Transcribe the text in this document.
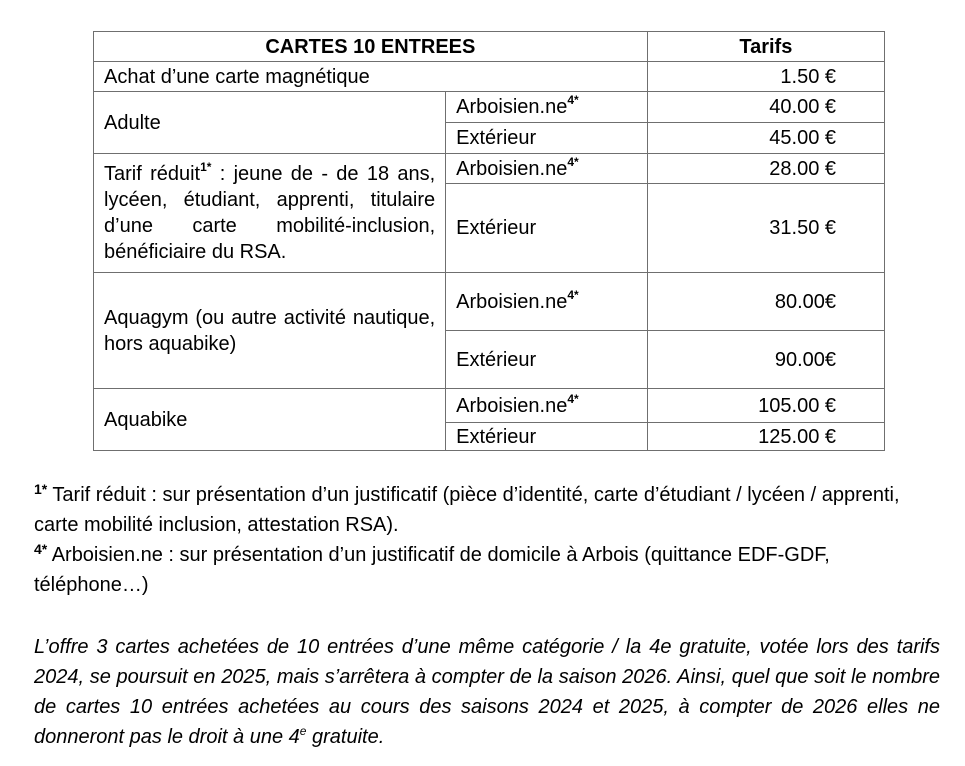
CARTES 10 ENTREES		Tarifs
Achat d’une carte magnétique		1.50 €
Adulte	$Arboisien.ne^{4*}$	40.00 €
	Extérieur	45.00 €
Tarif réduit$^{1*}$ : jeune de - de 18 ans, lycéen, étudiant, apprenti, titulaire d’une carte mobilité-inclusion, bénéficiaire du RSA.	$Arboisien.ne^{4*}$	28.00 €
	Extérieur	31.50 €
Aquagym (ou autre activité nautique, hors aquabike)	$Arboisien.ne^{4*}$	80.00€
	Extérieur	90.00€
Aquabike	$Arboisien.ne^{4*}$	105.00 €
	Extérieur	125.00 €

$^{1*}$ Tarif réduit : sur présentation d’un justificatif (pièce d’identité, carte d’étudiant / lycéen / apprenti, carte mobilité inclusion, attestation RSA).

$^{4*}$ Arboisien.ne : sur présentation d’un justificatif de domicile à Arbois (quittance EDF-GDF, téléphone…)

L’offre 3 cartes achetées de 10 entrées d’une même catégorie / la 4e gratuite, votée lors des tarifs 2024, se poursuit en 2025, mais s’arrêtera à compter de la saison 2026. Ainsi, quel que soit le nombre de cartes 10 entrées achetées au cours des saisons 2024 et 2025, à compter de 2026 elles ne donneront pas le droit à une 4e gratuite.
